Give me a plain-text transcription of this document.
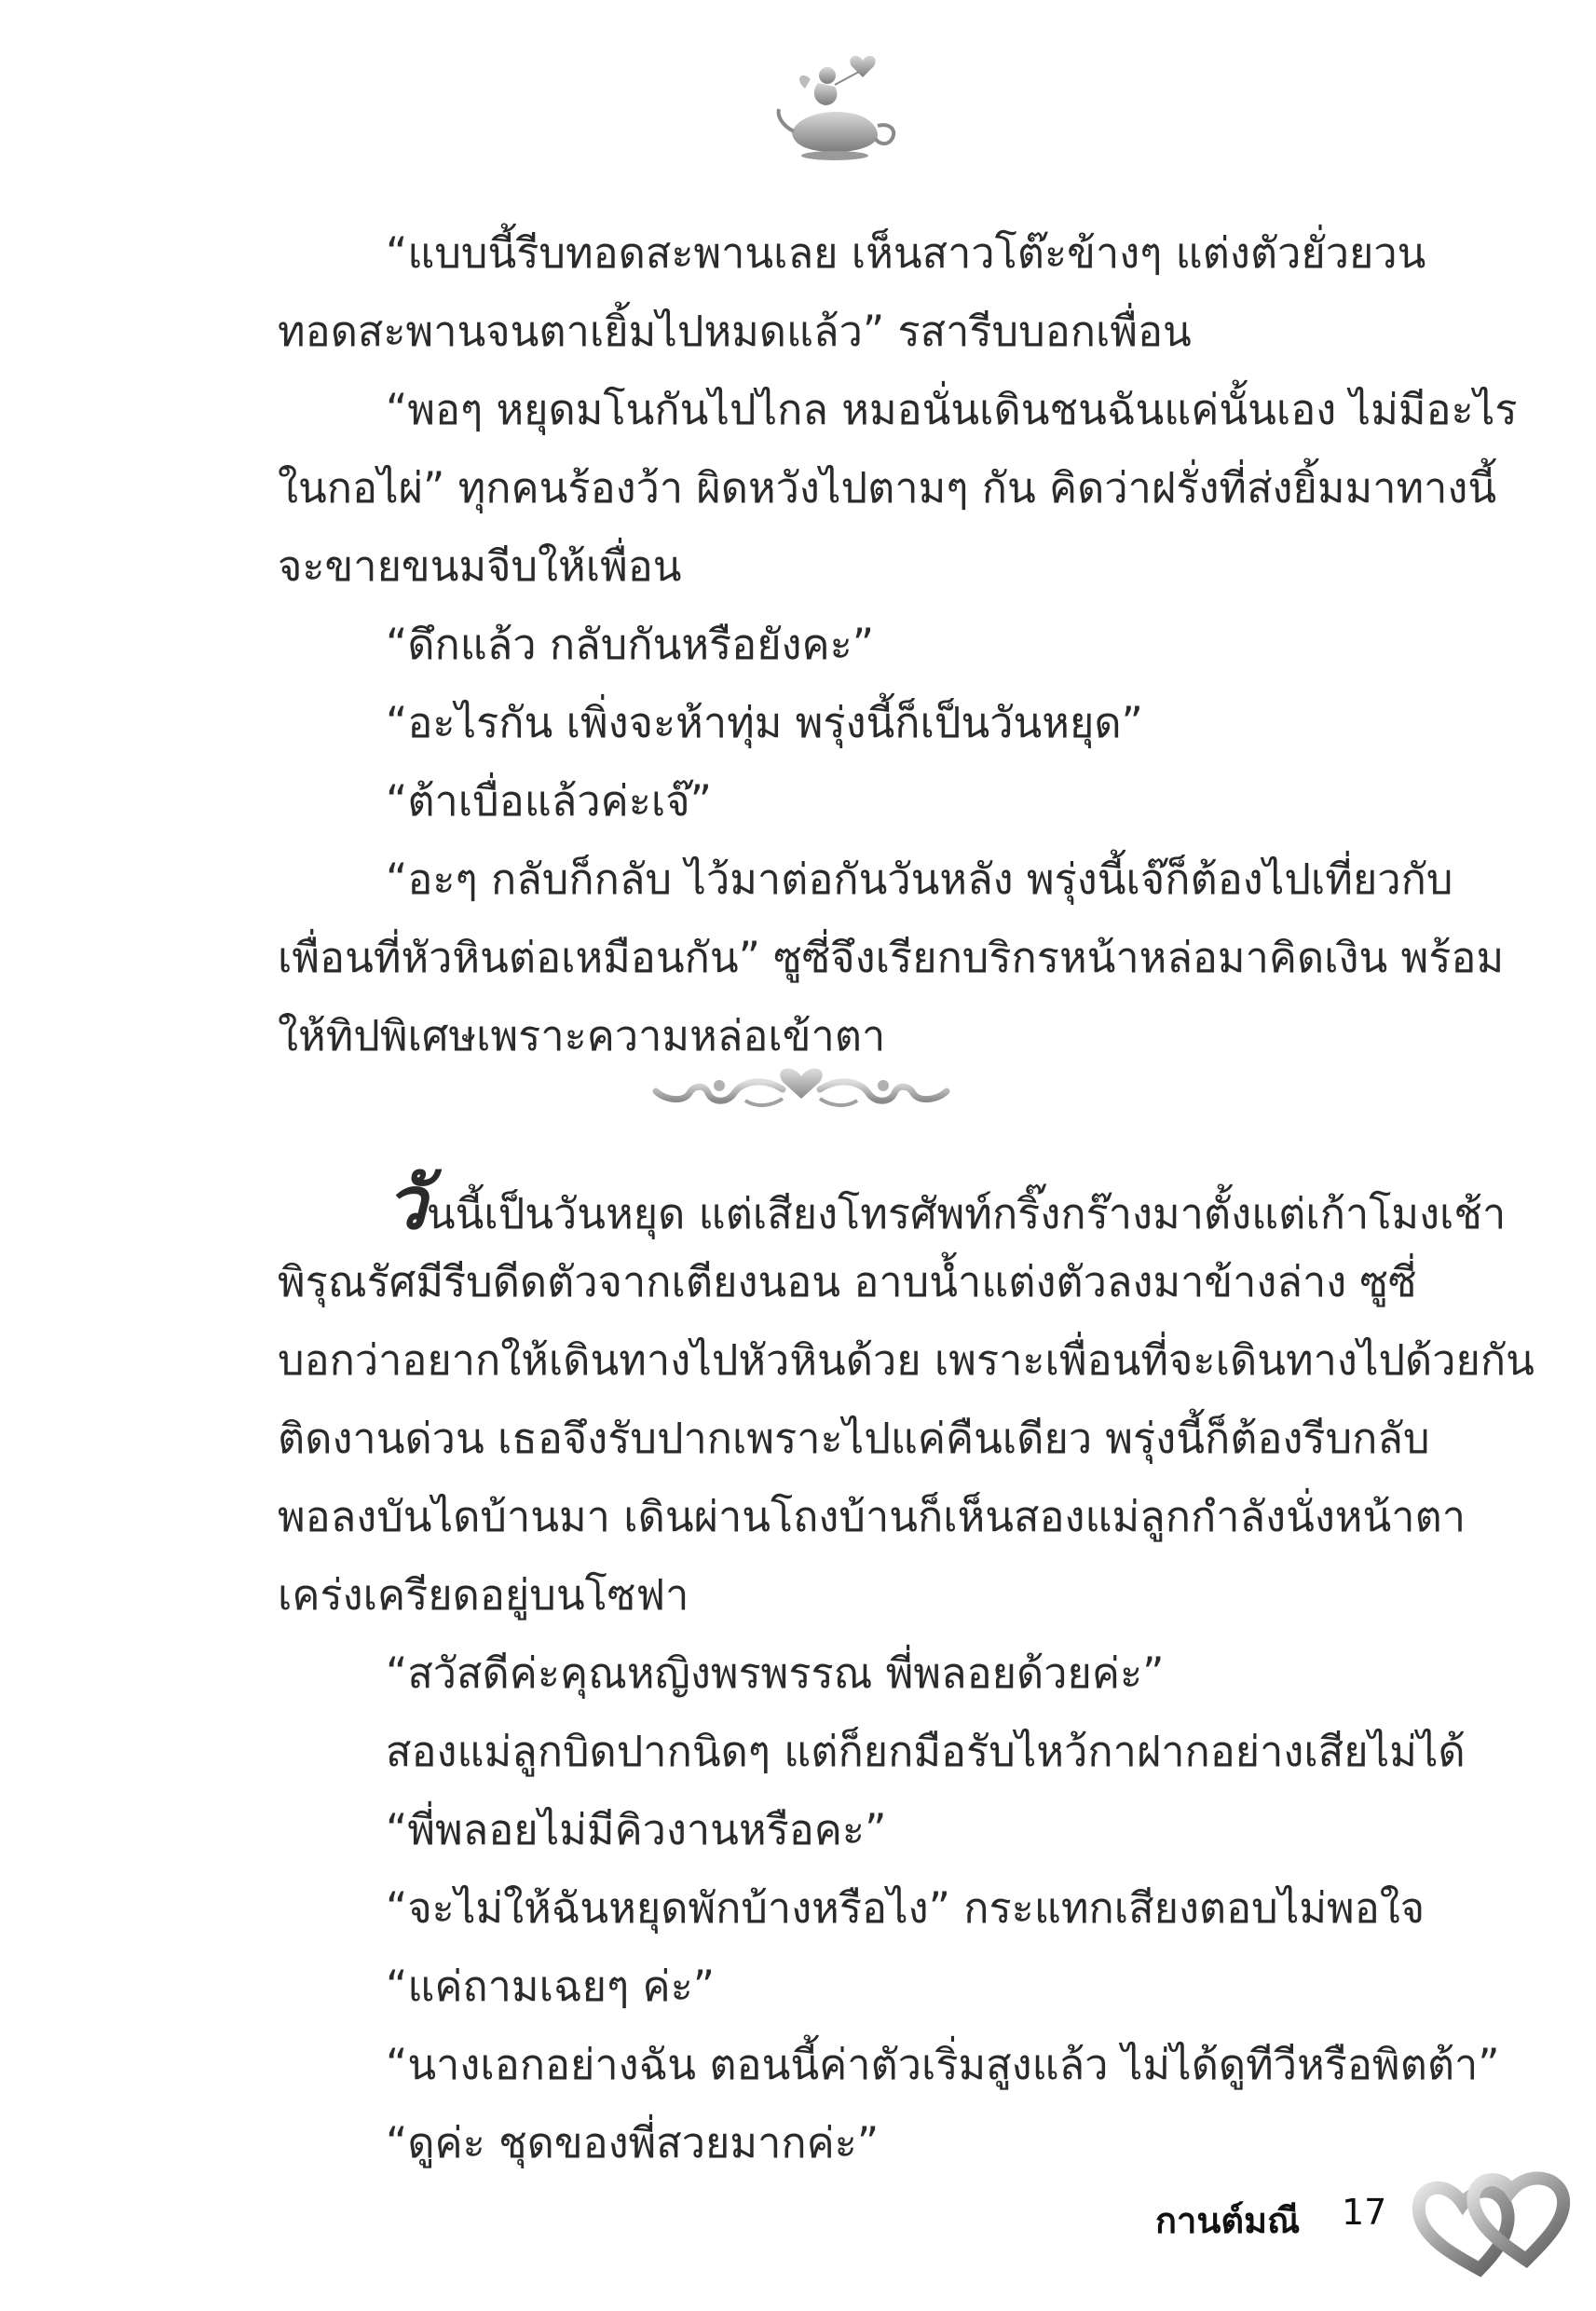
“แบบนี้รีบทอดสะพานเลย เห็นสาวโต๊ะข้างๆ แต่งตัวยั่วยวน
ทอดสะพานจนตาเยิ้มไปหมดแล้ว” รสารีบบอกเพื่อน
“พอๆ หยุดมโนกันไปไกล หมอนั่นเดินชนฉันแค่นั้นเอง ไม่มีอะไร
ในกอไผ่” ทุกคนร้องว้า ผิดหวังไปตามๆ กัน คิดว่าฝรั่งที่ส่งยิ้มมาทางนี้
จะขายขนมจีบให้เพื่อน
“ดึกแล้ว กลับกันหรือยังคะ”
“อะไรกัน เพิ่งจะห้าทุ่ม พรุ่งนี้ก็เป็นวันหยุด”
“ต้าเบื่อแล้วค่ะเจ๊”
“อะๆ กลับก็กลับ ไว้มาต่อกันวันหลัง พรุ่งนี้เจ๊ก็ต้องไปเที่ยวกับ
เพื่อนที่หัวหินต่อเหมือนกัน” ซูซี่จึงเรียกบริกรหน้าหล่อมาคิดเงิน พร้อม
ให้ทิปพิเศษเพราะความหล่อเข้าตา
วันนี้เป็นวันหยุด แต่เสียงโทรศัพท์กริ๊งกร๊างมาตั้งแต่เก้าโมงเช้า
พิรุณรัศมีรีบดีดตัวจากเตียงนอน อาบน้ำแต่งตัวลงมาข้างล่าง ซูซี่
บอกว่าอยากให้เดินทางไปหัวหินด้วย เพราะเพื่อนที่จะเดินทางไปด้วยกัน
ติดงานด่วน เธอจึงรับปากเพราะไปแค่คืนเดียว พรุ่งนี้ก็ต้องรีบกลับ
พอลงบันไดบ้านมา เดินผ่านโถงบ้านก็เห็นสองแม่ลูกกำลังนั่งหน้าตา
เคร่งเครียดอยู่บนโซฟา
“สวัสดีค่ะคุณหญิงพรพรรณ พี่พลอยด้วยค่ะ”
สองแม่ลูกบิดปากนิดๆ แต่ก็ยกมือรับไหว้กาฝากอย่างเสียไม่ได้
“พี่พลอยไม่มีคิวงานหรือคะ”
“จะไม่ให้ฉันหยุดพักบ้างหรือไง” กระแทกเสียงตอบไม่พอใจ
“แค่ถามเฉยๆ ค่ะ”
“นางเอกอย่างฉัน ตอนนี้ค่าตัวเริ่มสูงแล้ว ไม่ได้ดูทีวีหรือพิตต้า”
“ดูค่ะ ชุดของพี่สวยมากค่ะ”
กานต์มณี 17
